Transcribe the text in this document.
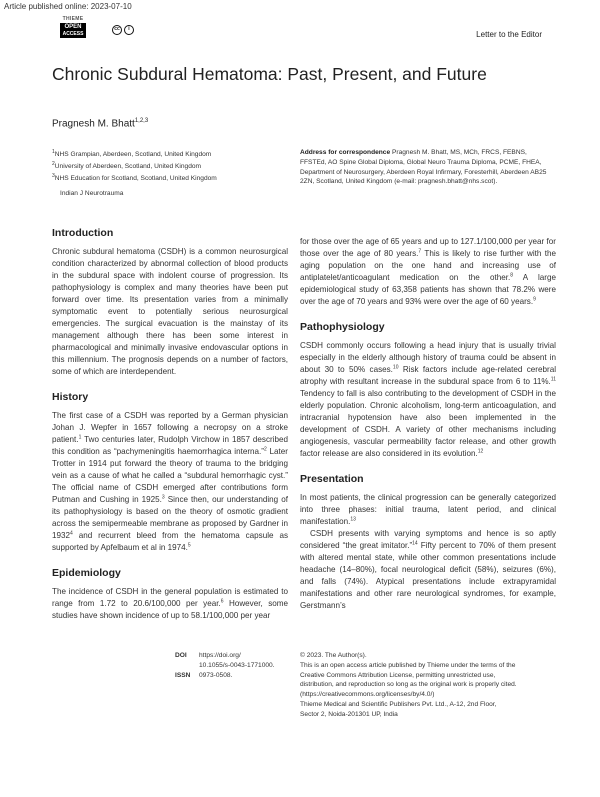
Article published online: 2023-07-10
THIEME
OPEN
ACCESS
cc	i
Letter to the Editor
Chronic Subdural Hematoma: Past, Present, and Future
Pragnesh M. Bhatt$^{1,2,3}$
$^1$NHS Grampian, Aberdeen, Scotland, United Kingdom
$^2$University of Aberdeen, Scotland, United Kingdom
$^3$NHS Education for Scotland, Scotland, United Kingdom
Indian J Neurotrauma
Address for correspondence Pragnesh M. Bhatt, MS, MCh, FRCS, FEBNS, FFSTEd, AO Spine Global Diploma, Global Neuro Trauma Diploma, PCME, FHEA, Department of Neurosurgery, Aberdeen Royal Infirmary, Foresterhill, Aberdeen AB25 2ZN, Scotland, United Kingdom (e-mail: pragnesh.bhatt@nhs.scot).
Introduction

Chronic subdural hematoma (CSDH) is a common neurosurgical condition characterized by abnormal collection of blood products in the subdural space with indolent course of progression. Its pathophysiology is complex and many theories have been put forward over time. Its presentation varies from a minimally symptomatic event to potentially serious neurosurgical emergencies. The surgical evacuation is the mainstay of its management although there has been some interest in pharmacological and minimally invasive endovascular options in this millennium. The prognosis depends on a number of factors, some of which are interdependent.

History

The first case of a CSDH was reported by a German physician Johan J. Wepfer in 1657 following a necropsy on a stroke patient.$^1$ Two centuries later, Rudolph Virchow in 1857 described this condition as “pachymeningitis haemorrhagica interna.”$^2$ Later Trotter in 1914 put forward the theory of trauma to the bridging vein as a cause of what he called a “subdural hemorrhagic cyst.” The official name of CSDH emerged after contributions form Putman and Cushing in 1925.$^3$ Since then, our understanding of its pathophysiology is based on the theory of osmotic gradient across the semipermeable membrane as proposed by Gardner in 1932$^4$ and recurrent bleed from the hematoma capsule as supported by Apfelbaum et al in 1974.$^5$

Epidemiology

The incidence of CSDH in the general population is estimated to range from 1.72 to 20.6/100,000 per year.$^6$ However, some studies have shown incidence of up to 58.1/100,000 per year

for those over the age of 65 years and up to 127.1/100,000 per year for those over the age of 80 years.$^7$ This is likely to rise further with the aging population on the one hand and increasing use of antiplatelet/anticoagulant medication on the other.$^8$ A large epidemiological study of 63,358 patients has shown that 78.2% were over the age of 70 years and 93% were over the age of 60 years.$^9$

Pathophysiology

CSDH commonly occurs following a head injury that is usually trivial especially in the elderly although history of trauma could be absent in about 30 to 50% cases.$^{10}$ Risk factors include age-related cerebral atrophy with resultant increase in the subdural space from 6 to 11%.$^{11}$ Tendency to fall is also contributing to the development of CSDH in the elderly population. Chronic alcoholism, long-term anticoagulation, and intracranial hypotension have also been implemented in the development of CSDH. A variety of other mechanisms including angiogenesis, vascular permeability factor release, and other growth factor release are also considered in its evolution.$^{12}$

Presentation

In most patients, the clinical progression can be generally categorized into three phases: initial trauma, latent period, and clinical manifestation.$^{13}$

CSDH presents with varying symptoms and hence is so aptly considered “the great imitator.”$^{14}$ Fifty percent to 70% of them present with altered mental state, while other common presentations include headache (14–80%), focal neurological deficit (58%), seizures (6%), and falls (74%). Atypical presentations include extrapyramidal manifestations and other rare neurological syndromes, for example, Gerstmann’s

DOI https://doi.org/
10.1055/s-0043-1771000.
ISSN 0973-0508.
© 2023. The Author(s).
This is an open access article published by Thieme under the terms of the
Creative Commons Attribution License, permitting unrestricted use,
distribution, and reproduction so long as the original work is properly cited.
(https://creativecommons.org/licenses/by/4.0/)
Thieme Medical and Scientific Publishers Pvt. Ltd., A-12, 2nd Floor,
Sector 2, Noida-201301 UP, India
